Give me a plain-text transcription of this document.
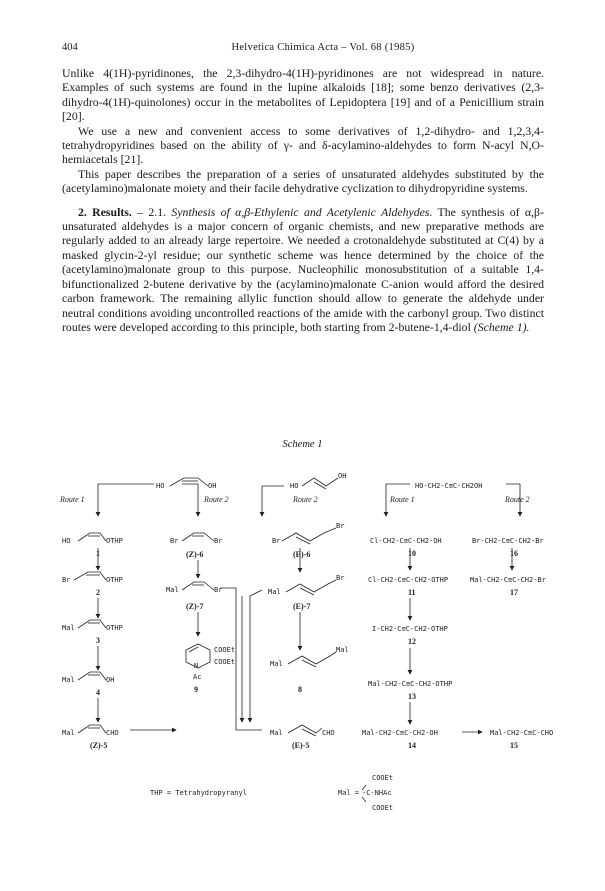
404	Helvetica Chimica Acta – Vol. 68 (1985)

Unlike 4(1H)-pyridinones, the 2,3-dihydro-4(1H)-pyridinones are not widespread in nature. Examples of such systems are found in the lupine alkaloids [18]; some benzo derivatives (2,3-dihydro-4(1H)-quinolones) occur in the metabolites of Lepidoptera [19] and of a Penicillium strain [20].

We use a new and convenient access to some derivatives of 1,2-dihydro- and 1,2,3,4-tetrahydropyridines based on the ability of γ- and δ-acylamino-aldehydes to form N-acyl N,O-hemiacetals [21].

This paper describes the preparation of a series of unsaturated aldehydes substituted by the (acetylamino)malonate moiety and their facile dehydrative cyclization to dihydropyridine systems.

2. Results. – 2.1. Synthesis of α,β-Ethylenic and Acetylenic Aldehydes. The synthesis of α,β-unsaturated aldehydes is a major concern of organic chemists, and new preparative methods are regularly added to an already large repertoire. We needed a crotonaldehyde substituted at C(4) by a masked glycin-2-yl residue; our synthetic scheme was hence determined by the choice of the (acetylamino)malonate group to this purpose. Nucleophilic monosubstitution of a suitable 1,4-bifunctionalized 2-butene derivative by the (acylamino)malonate C-anion would afford the desired carbon framework. The remaining allylic function should allow to generate the aldehyde under neutral conditions avoiding uncontrolled reactions of the amide with the carbonyl group. Two distinct routes were developed according to this principle, both starting from 2-butene-1,4-diol (Scheme 1).

Scheme 1
HO	OH
Route 1	Route 2
HO	OTHP
1
Br	OTHP
2
Mal	OTHP
3
Mal	OH
4
Mal	CHO
(Z)-5
Br	Br
(Z)-6
Mal	Br
(Z)-7
COOEt
COOEt
N
Ac
9
HO
OH
Route 2
Br
Br
(E)-6
Mal
Br
(E)-7
Mal
Mal
8
Mal	CHO
(E)-5
HO-CH2-C≡C-CH2OH
Route 1	Route 2
Cl-CH2-C≡C-CH2-OH	Br-CH2-C≡C-CH2-Br
10	16
Cl-CH2-C≡C-CH2-OTHP	Mal-CH2-C≡C-CH2-Br
11	17
I-CH2-C≡C-CH2-OTHP
12
Mal-CH2-C≡C-CH2-OTHP
13
Mal-CH2-C≡C-CH2-OH	Mal-CH2-C≡C-CHO
14	15
THP = Tetrahydropyranyl	Mal = -C-NHAc
COOEt
COOEt
